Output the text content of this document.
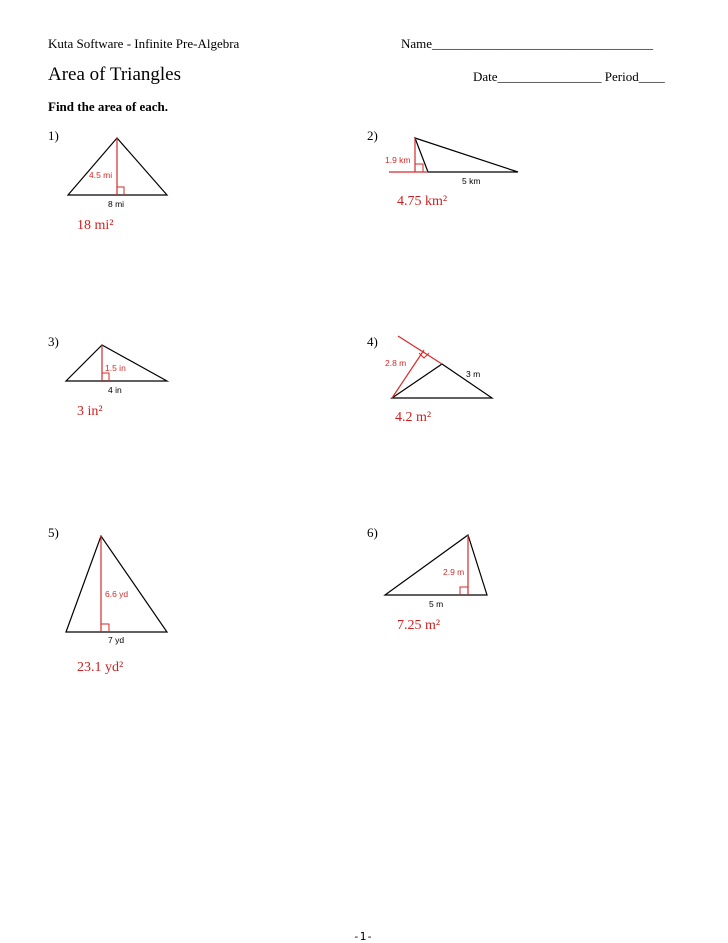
Kuta Software - Infinite Pre-Algebra	Name__________________________________
Area of Triangles	Date________________ Period____
Find the area of each.
1)
4.5 mi
8 mi
1.9 km
5 km
1.5 in
4 in
2.8 m
3 m
6.6 yd
7 yd
2.9 m
5 m
18 mi²
2)
4.75 km²
3)
3 in²
4)
4.2 m²
5)
23.1 yd²
6)
7.25 m²
-1-
